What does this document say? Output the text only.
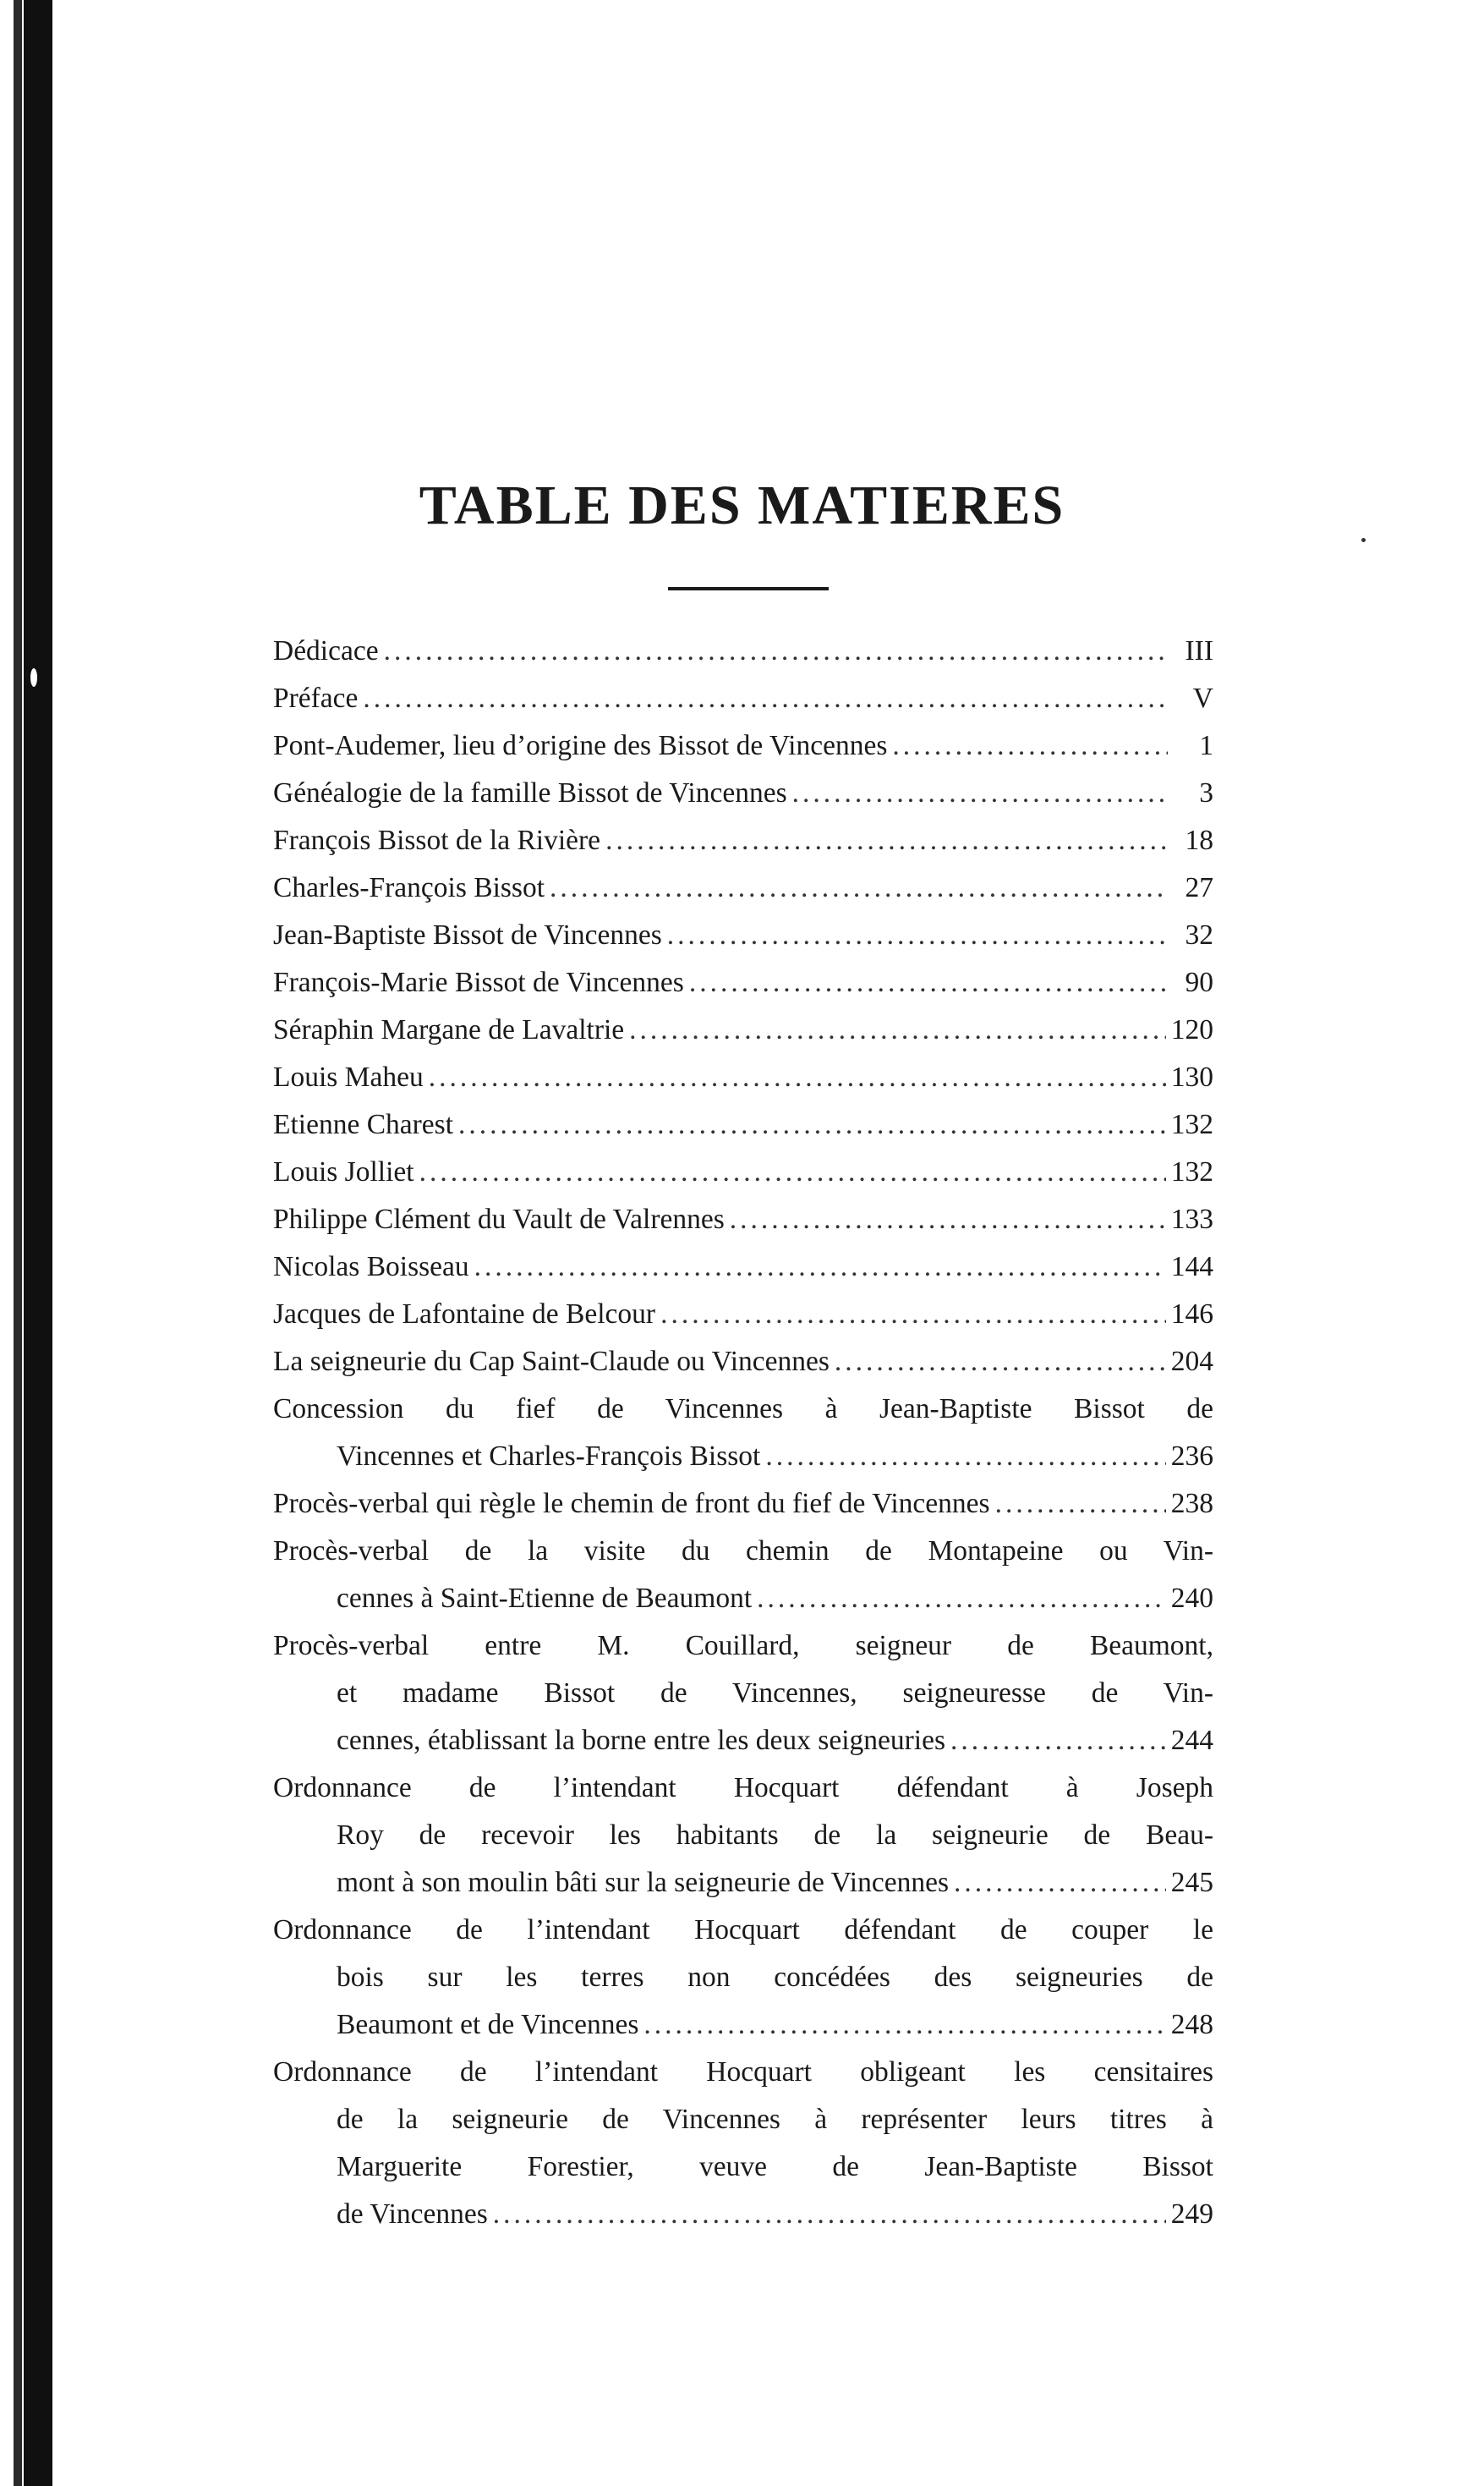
TABLE DES MATIERES
Dédicace .....	III
Préface .....	V
Pont-Audemer, lieu d’origine des Bissot de Vincennes .....	1
Généalogie de la famille Bissot de Vincennes .....	3
François Bissot de la Rivière .....	18
Charles-François Bissot .....	27
Jean-Baptiste Bissot de Vincennes .....	32
François-Marie Bissot de Vincennes .....	90
Séraphin Margane de Lavaltrie .....	120
Louis Maheu .....	130
Etienne Charest .....	132
Louis Jolliet .....	132
Philippe Clément du Vault de Valrennes .....	133
Nicolas Boisseau .....	144
Jacques de Lafontaine de Belcour .....	146
La seigneurie du Cap Saint-Claude ou Vincennes .....	204
Concession du fief de Vincennes à Jean-Baptiste Bissot de
Vincennes et Charles-François Bissot .....	236
Procès-verbal qui règle le chemin de front du fief de Vincennes .....	238
Procès-verbal de la visite du chemin de Montapeine ou Vin-
cennes à Saint-Etienne de Beaumont .....	240
Procès-verbal entre M. Couillard, seigneur de Beaumont,
et madame Bissot de Vincennes, seigneuresse de Vin-
cennes, établissant la borne entre les deux seigneuries .....	244
Ordonnance de l’intendant Hocquart défendant à Joseph
Roy de recevoir les habitants de la seigneurie de Beau-
mont à son moulin bâti sur la seigneurie de Vincennes .....	245
Ordonnance de l’intendant Hocquart défendant de couper le
bois sur les terres non concédées des seigneuries de
Beaumont et de Vincennes .....	248
Ordonnance de l’intendant Hocquart obligeant les censitaires
de la seigneurie de Vincennes à représenter leurs titres à
Marguerite Forestier, veuve de Jean-Baptiste Bissot
de Vincennes .....	249
